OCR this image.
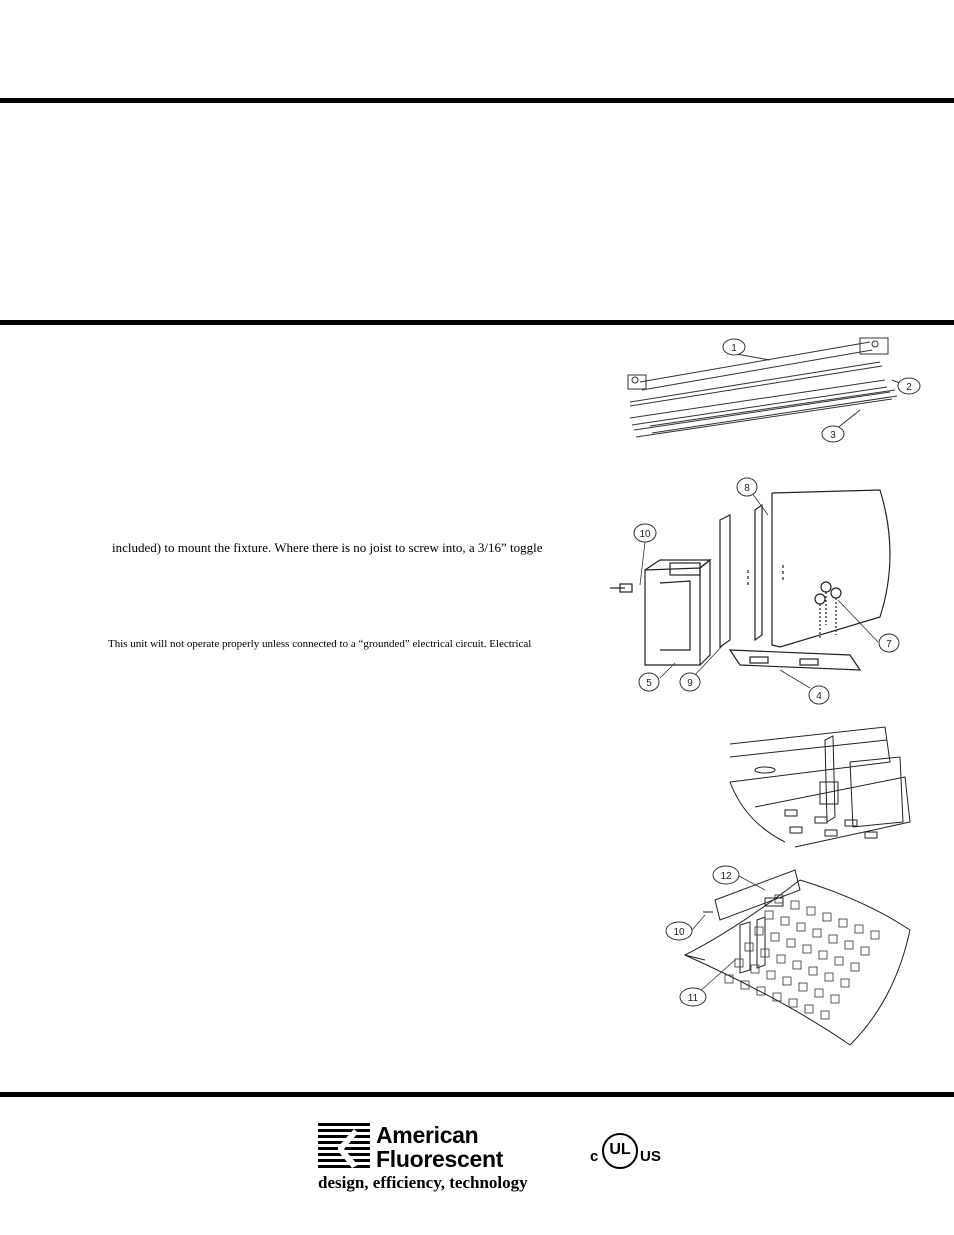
included) to mount the fixture. Where there is no joist to screw into, a 3/16” toggle
This unit will not operate properly unless connected to a “grounded” electrical circuit. Electrical
1
2
3
8
10
7
5	9
4
12
10
11
American
Fluorescent
design, efficiency, technology
c UL US
